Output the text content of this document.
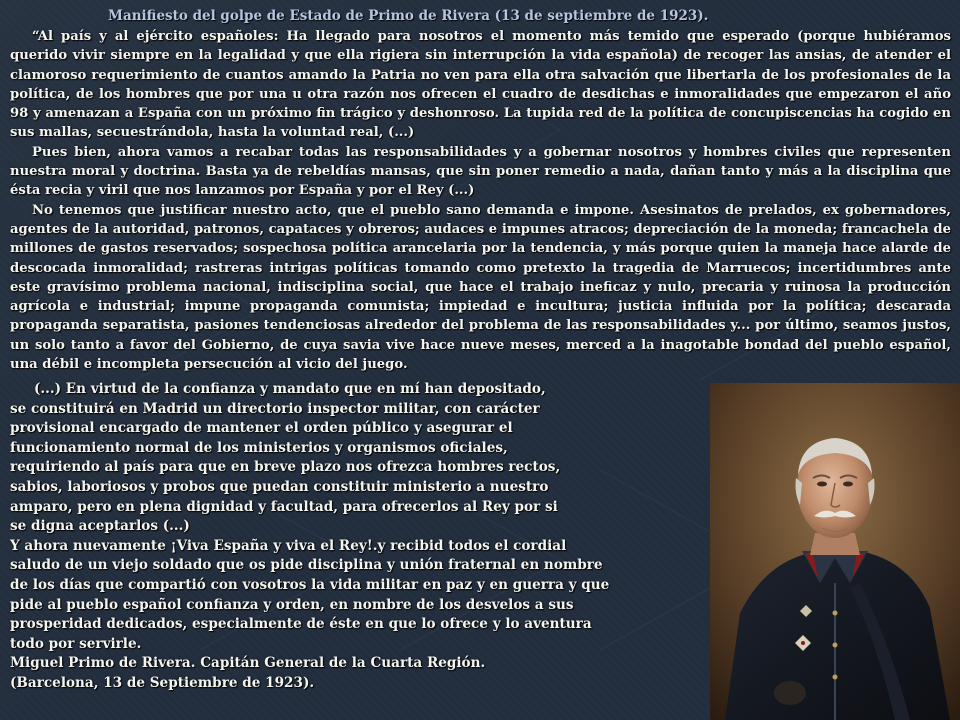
Manifiesto del golpe de Estado de Primo de Rivera (13 de septiembre de 1923).

“Al país y al ejército españoles: Ha llegado para nosotros el momento más temido que esperado (porque hubiéramos querido vivir siempre en la legalidad y que ella rigiera sin interrupción la vida española) de recoger las ansias, de atender el clamoroso requerimiento de cuantos amando la Patria no ven para ella otra salvación que libertarla de los profesionales de la política, de los hombres que por una u otra razón nos ofrecen el cuadro de desdichas e inmoralidades que empezaron el año 98 y amenazan a España con un próximo fin trágico y deshonroso. La tupida red de la política de concupiscencias ha cogido en sus mallas, secuestrándola, hasta la voluntad real, (...)

Pues bien, ahora vamos a recabar todas las responsabilidades y a gobernar nosotros y hombres civiles que representen nuestra moral y doctrina. Basta ya de rebeldías mansas, que sin poner remedio a nada, dañan tanto y más a la disciplina que ésta recia y viril que nos lanzamos por España y por el Rey (...)

No tenemos que justificar nuestro acto, que el pueblo sano demanda e impone. Asesinatos de prelados, ex gobernadores, agentes de la autoridad, patronos, capataces y obreros; audaces e impunes atracos; depreciación de la moneda; francachela de millones de gastos reservados; sospechosa política arancelaria por la tendencia, y más porque quien la maneja hace alarde de descocada inmoralidad; rastreras intrigas políticas tomando como pretexto la tragedia de Marruecos; incertidumbres ante este gravísimo problema nacional, indisciplina social, que hace el trabajo ineficaz y nulo, precaria y ruinosa la producción agrícola e industrial; impune propaganda comunista; impiedad e incultura; justicia influida por la política; descarada propaganda separatista, pasiones tendenciosas alrededor del problema de las responsabilidades y... por último, seamos justos, un solo tanto a favor del Gobierno, de cuya savia vive hace nueve meses, merced a la inagotable bondad del pueblo español, una débil e incompleta persecución al vicio del juego.

(...) En virtud de la confianza y mandato que en mí han depositado,

se constituirá en Madrid un directorio inspector militar, con carácter

provisional encargado de mantener el orden público y asegurar el

funcionamiento normal de los ministerios y organismos oficiales,

requiriendo al país para que en breve plazo nos ofrezca hombres rectos,

sabios, laboriosos y probos que puedan constituir ministerio a nuestro

amparo, pero en plena dignidad y facultad, para ofrecerlos al Rey por si

se digna aceptarlos (...)

Y ahora nuevamente ¡Viva España y viva el Rey!.y recibid todos el cordial

saludo de un viejo soldado que os pide disciplina y unión fraternal en nombre

de los días que compartió con vosotros la vida militar en paz y en guerra y que

pide al pueblo español confianza y orden, en nombre de los desvelos a sus

prosperidad dedicados, especialmente de éste en que lo ofrece y lo aventura

todo por servirle.

Miguel Primo de Rivera. Capitán General de la Cuarta Región.

(Barcelona, 13 de Septiembre de 1923).
